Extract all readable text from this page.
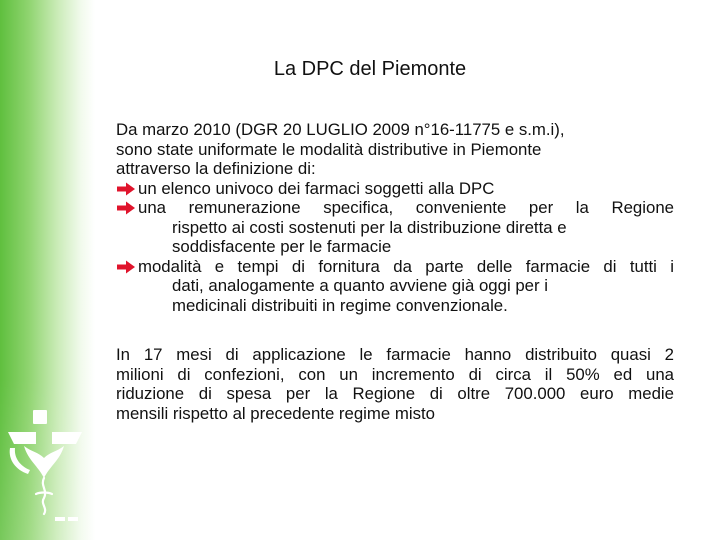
La DPC del Piemonte

Da marzo 2010 (DGR 20 LUGLIO 2009 n°16-11775 e s.m.i),

sono state uniformate le modalità distributive in Piemonte

attraverso la definizione di:

un elenco univoco dei farmaci soggetti alla DPC
una remunerazione specifica, conveniente per la Regione
rispetto ai costi sostenuti per la distribuzione diretta e
soddisfacente per le farmacie
modalità e tempi di fornitura da parte delle farmacie di tutti i
dati, analogamente a quanto avviene già oggi per i
medicinali distribuiti in regime convenzionale.

In 17 mesi di applicazione le farmacie hanno distribuito quasi 2

milioni di confezioni, con un incremento di circa il 50% ed una

riduzione di spesa per la Regione di oltre 700.000 euro medie

mensili rispetto al precedente regime misto
